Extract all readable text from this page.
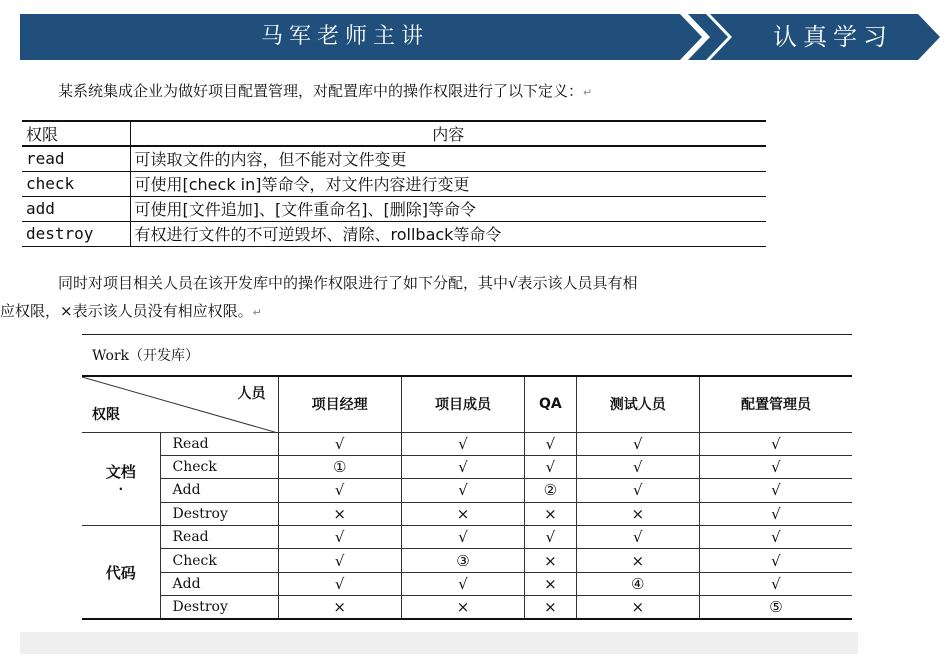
马军老师主讲	认真学习
某系统集成企业为做好项目配置管理，对配置库中的操作权限进行了以下定义：↵
权限	内容
read	可读取文件的内容，但不能对文件变更
check	可使用[check in]等命令，对文件内容进行变更
add	可使用[文件追加]、[文件重命名]、[删除]等命令
destroy	有权进行文件的不可逆毁坏、清除、rollback等命令
同时对项目相关人员在该开发库中的操作权限进行了如下分配，其中√表示该人员具有相
应权限，×表示该人员没有相应权限。↵
Work（开发库）
人员
权限		项目经理	项目成员	QA	测试人员	配置管理员

文档
·	Read	√	√	√	√	√
	Check	①	√	√	√	√
	Add	√	√	②	√	√
	Destroy	×	×	×	×	√
代码	Read	√	√	√	√	√
	Check	√	③	×	×	√
	Add	√	√	×	④	√
	Destroy	×	×	×	×	⑤
